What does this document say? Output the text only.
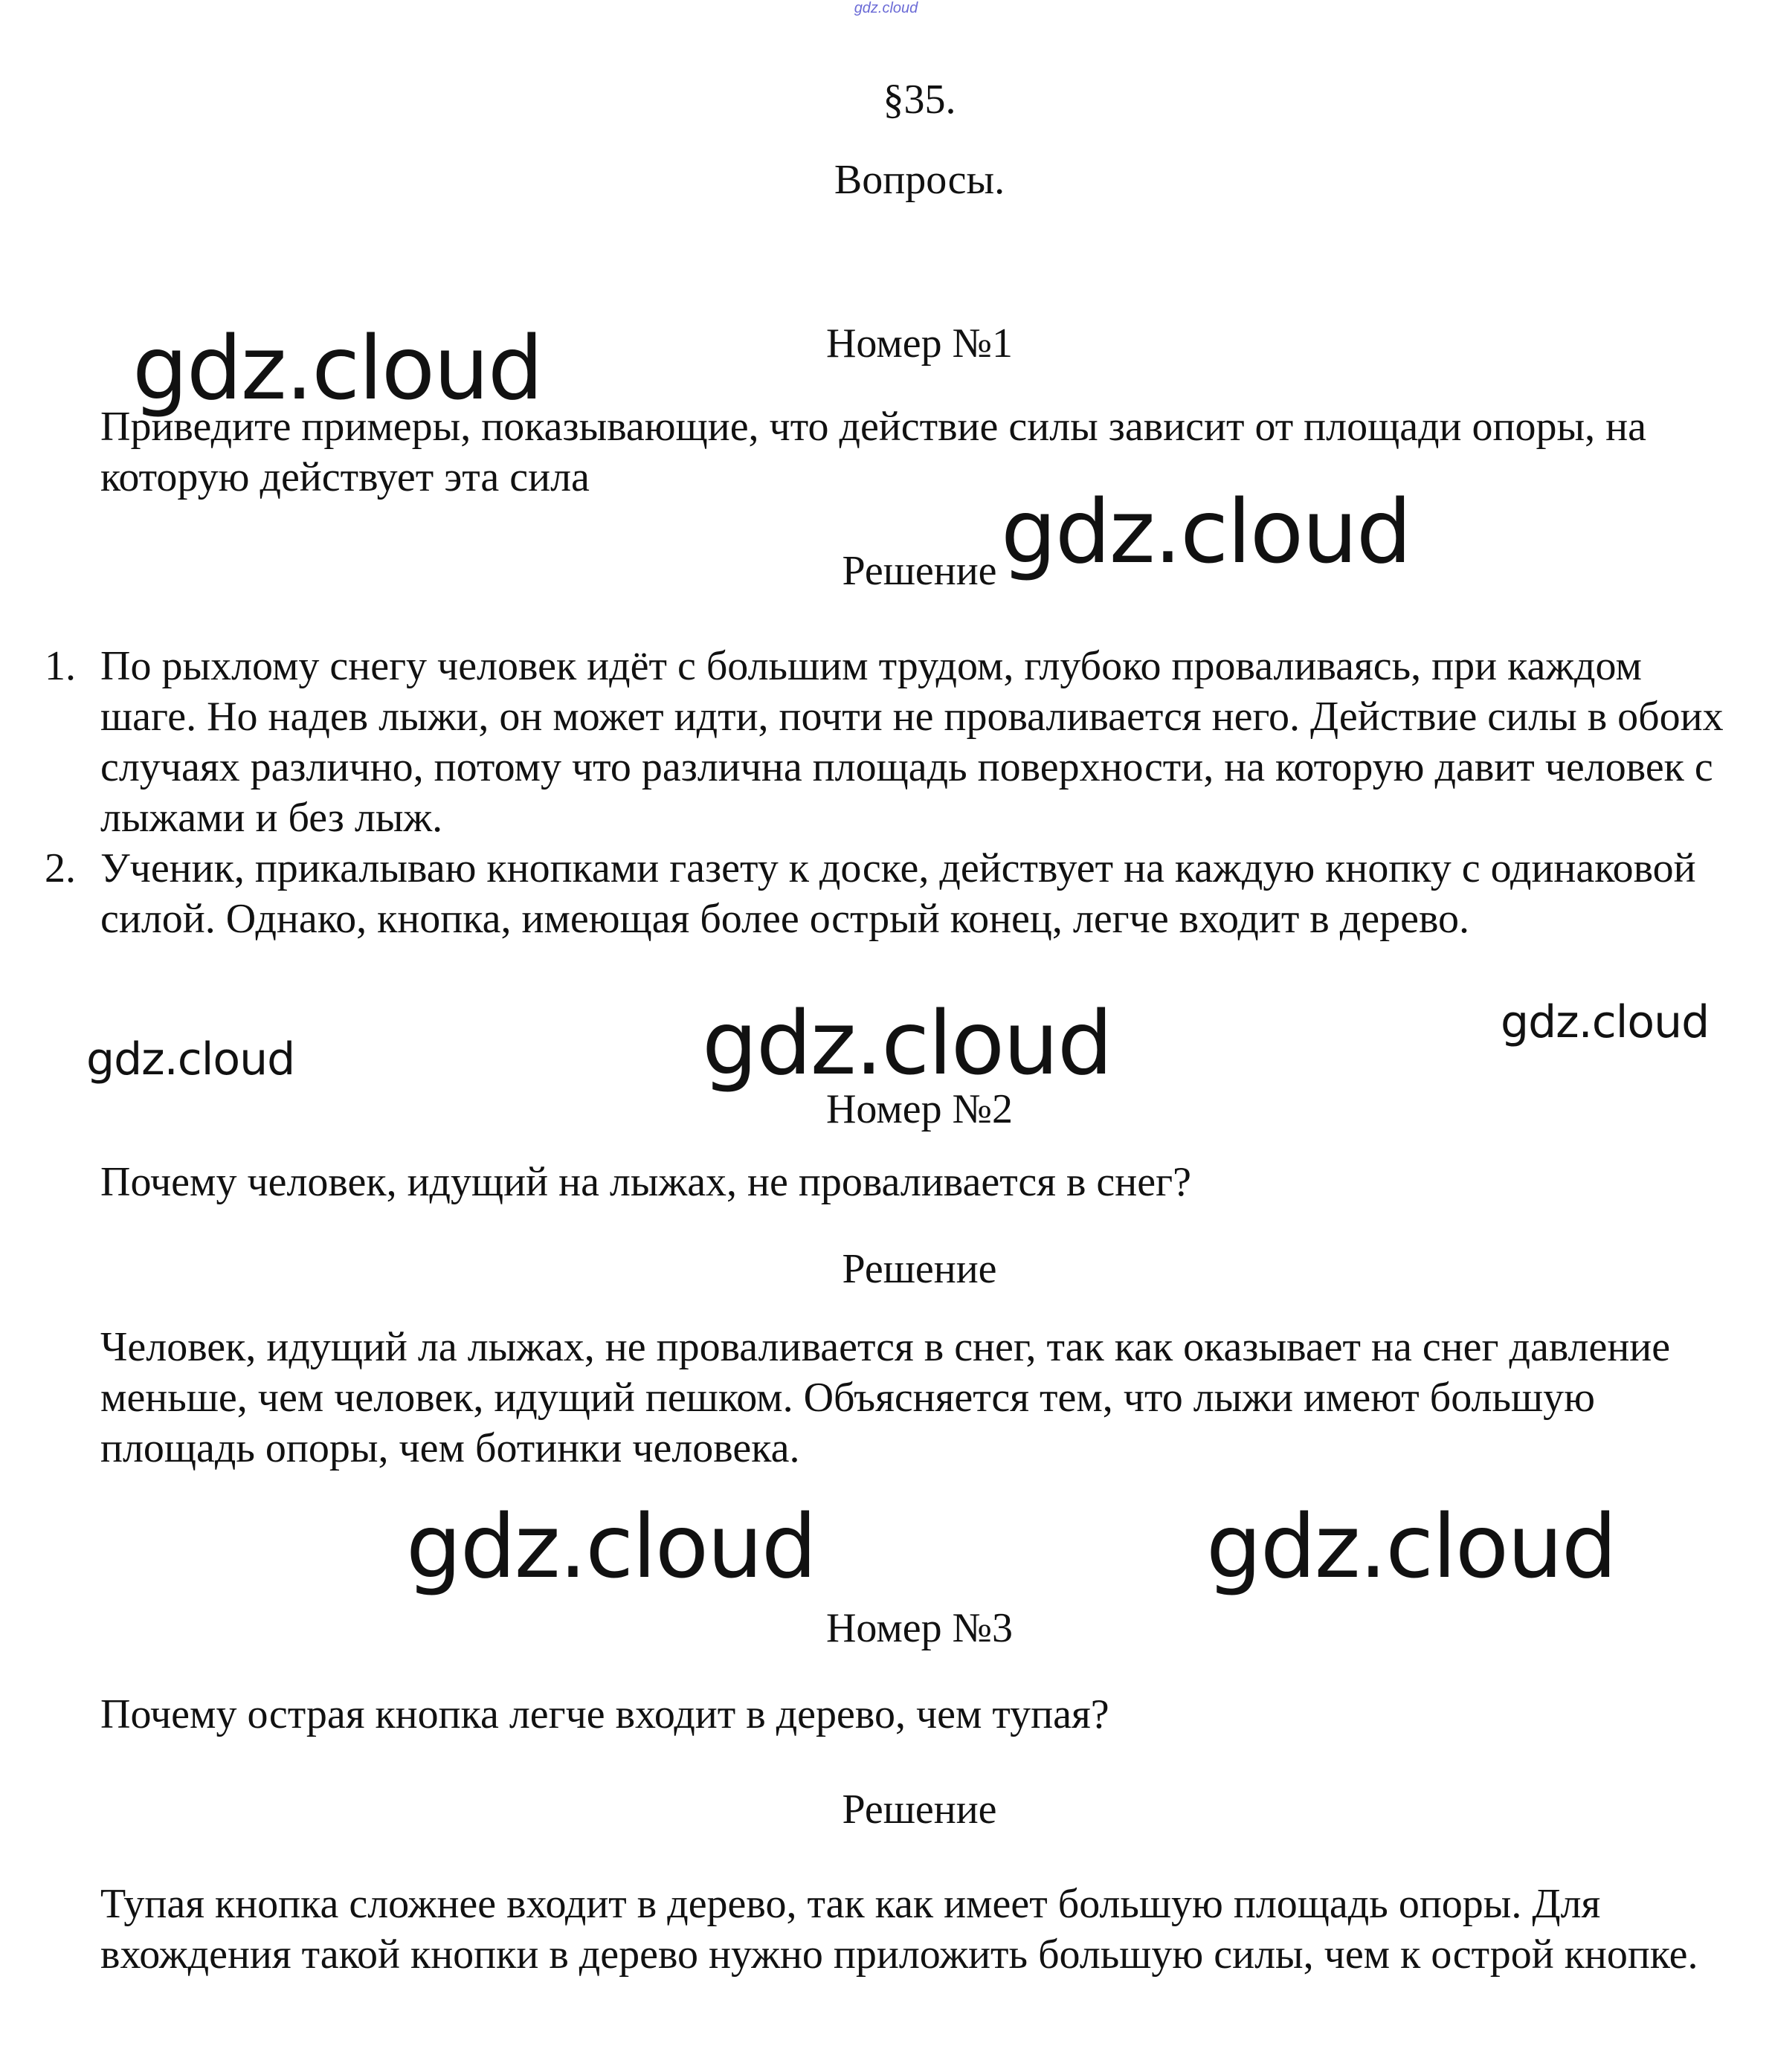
gdz.cloud
§35.
Вопросы.
Номер №1

Приведите примеры, показывающие, что действие силы зависит от площади опоры, на которую действует эта сила

Решение
1. По рыхлому снегу человек идёт с большим трудом, глубоко проваливаясь, при каждом шаге. Но надев лыжи, он может идти, почти не проваливается него. Действие силы в обоих случаях различно, потому что различна площадь поверхности, на которую давит человек с лыжами и без лыж.
2. Ученик, прикалываю кнопками газету к доске, действует на каждую кнопку с одинаковой силой. Однако, кнопка, имеющая более острый конец, легче входит в дерево.
Номер №2

Почему человек, идущий на лыжах, не проваливается в снег?

Решение

Человек, идущий ла лыжах, не проваливается в снег, так как оказывает на снег давление меньше, чем человек, идущий пешком. Объясняется тем, что лыжи имеют большую площадь опоры, чем ботинки человека.

Номер №3

Почему острая кнопка легче входит в дерево, чем тупая?

Решение

Тупая кнопка сложнее входит в дерево, так как имеет большую площадь опоры. Для вхождения такой кнопки в дерево нужно приложить большую силы, чем к острой кнопке.

gdz.cloud
gdz.cloud
gdz.cloud	gdz.cloud	gdz.cloud
gdz.cloud	gdz.cloud
